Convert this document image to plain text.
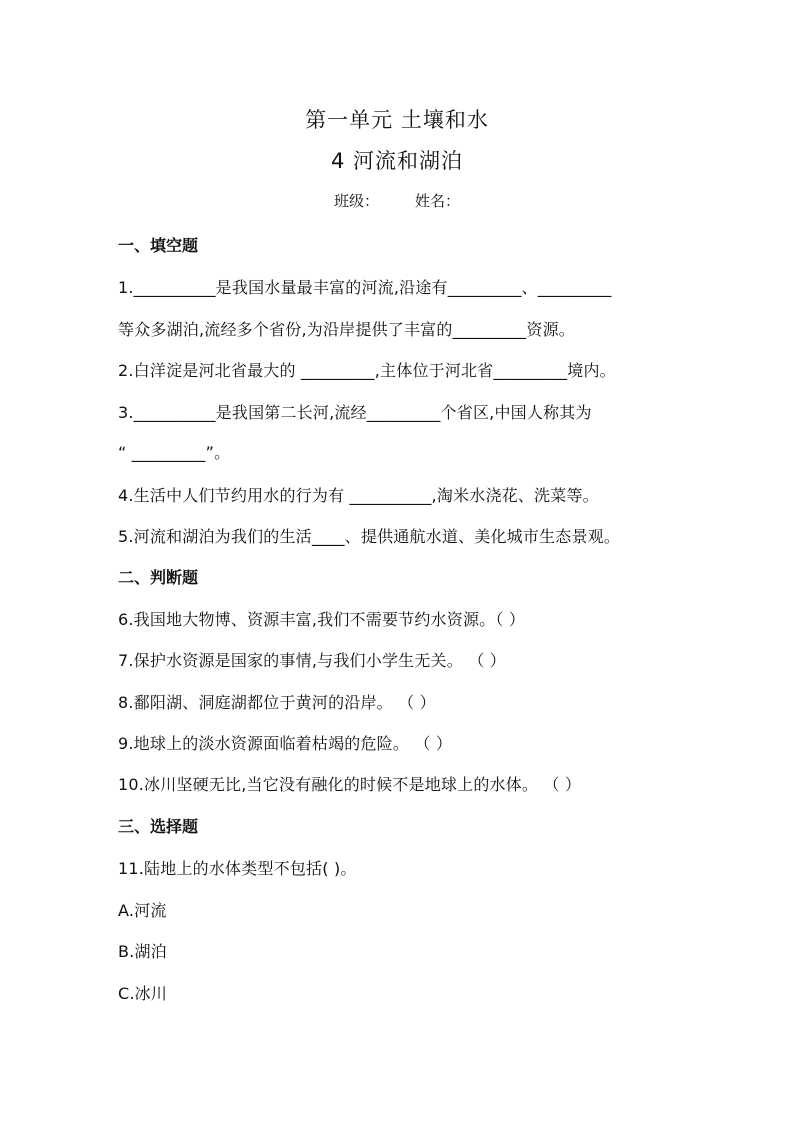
第一单元 土壤和水
4 河流和湖泊
班级： 姓名：
一、填空题
1.__________是我国水量最丰富的河流,沿途有_________、_________
等众多湖泊,流经多个省份,为沿岸提供了丰富的_________资源。
2.白洋淀是河北省最大的 _________,主体位于河北省_________境内。
3.__________是我国第二长河,流经_________个省区,中国人称其为
“ _________”。
4.生活中人们节约用水的行为有 __________,淘米水浇花、洗菜等。
5.河流和湖泊为我们的生活____、提供通航水道、美化城市生态景观。
二、判断题
6.我国地大物博、资源丰富,我们不需要节约水资源。（ ）
7.保护水资源是国家的事情,与我们小学生无关。 （ ）
8.鄱阳湖、洞庭湖都位于黄河的沿岸。 （ ）
9.地球上的淡水资源面临着枯竭的危险。 （ ）
10.冰川坚硬无比,当它没有融化的时候不是地球上的水体。 （ ）
三、选择题
11.陆地上的水体类型不包括( )。
A.河流
B.湖泊
C.冰川
